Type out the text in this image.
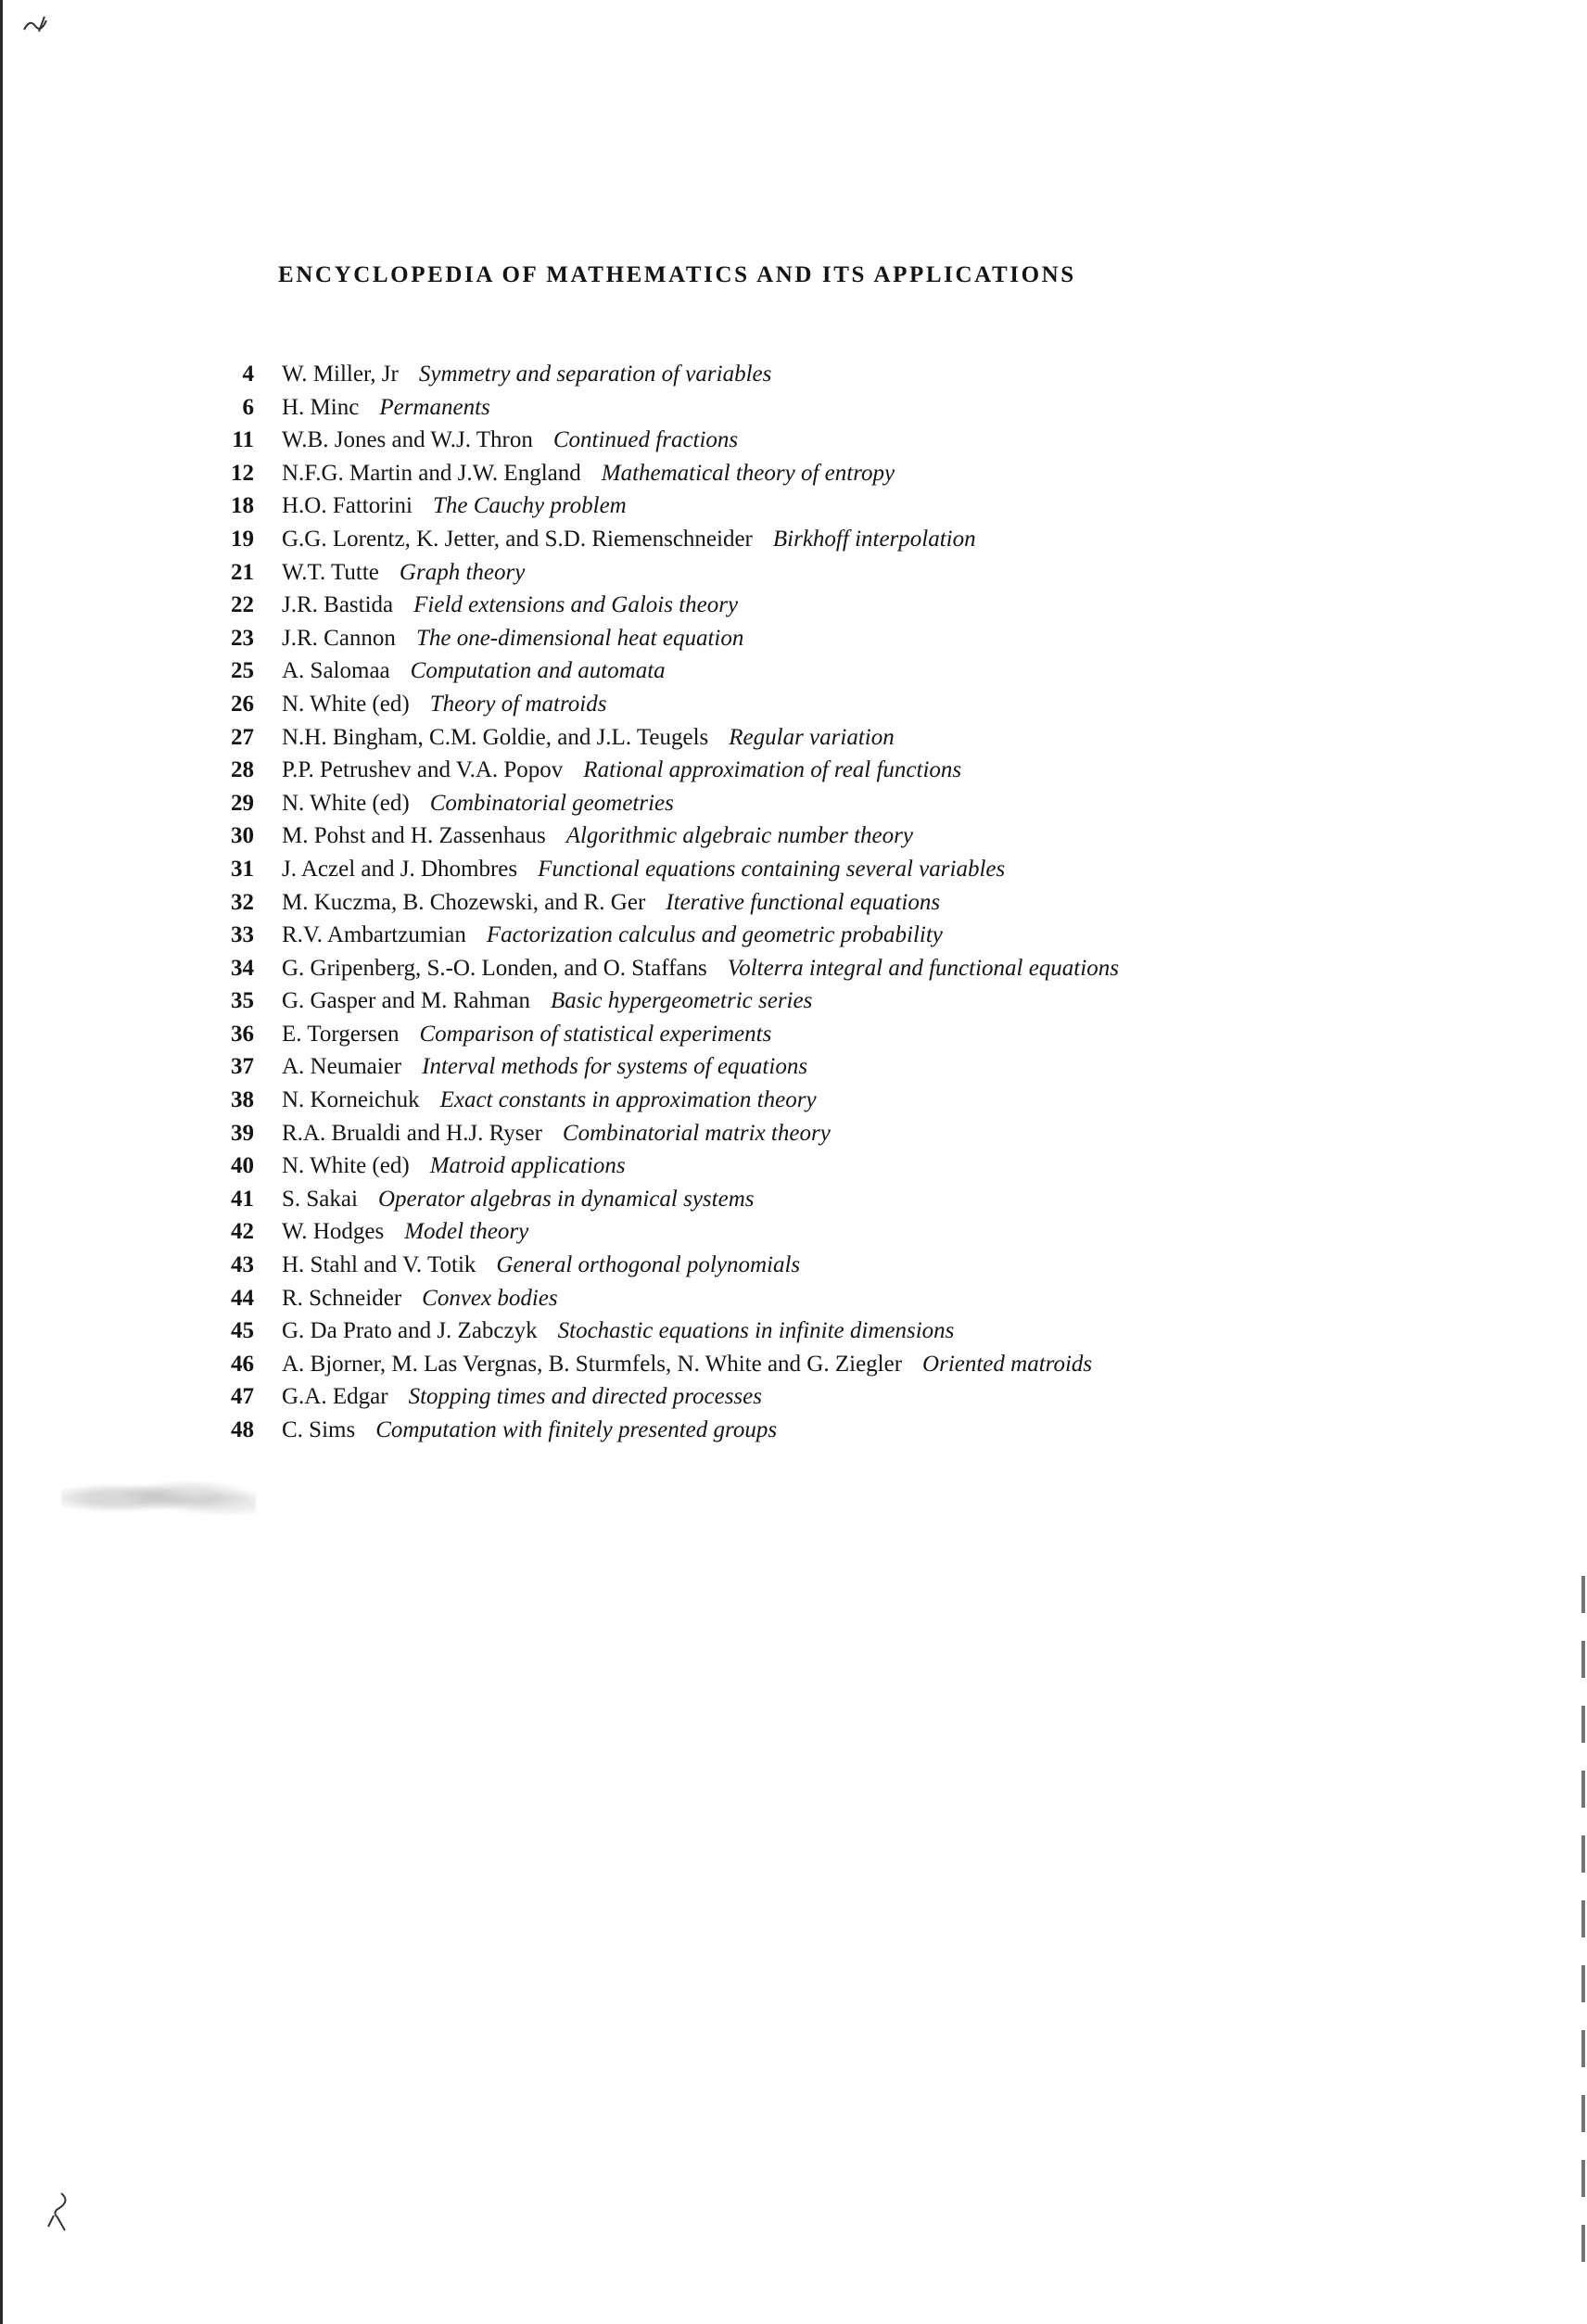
ENCYCLOPEDIA OF MATHEMATICS AND ITS APPLICATIONS
4 W. Miller, Jr Symmetry and separation of variables
6 H. Minc Permanents
11 W.B. Jones and W.J. Thron Continued fractions
12 N.F.G. Martin and J.W. England Mathematical theory of entropy
18 H.O. Fattorini The Cauchy problem
19 G.G. Lorentz, K. Jetter, and S.D. Riemenschneider Birkhoff interpolation
21 W.T. Tutte Graph theory
22 J.R. Bastida Field extensions and Galois theory
23 J.R. Cannon The one-dimensional heat equation
25 A. Salomaa Computation and automata
26 N. White (ed) Theory of matroids
27 N.H. Bingham, C.M. Goldie, and J.L. Teugels Regular variation
28 P.P. Petrushev and V.A. Popov Rational approximation of real functions
29 N. White (ed) Combinatorial geometries
30 M. Pohst and H. Zassenhaus Algorithmic algebraic number theory
31 J. Aczel and J. Dhombres Functional equations containing several variables
32 M. Kuczma, B. Chozewski, and R. Ger Iterative functional equations
33 R.V. Ambartzumian Factorization calculus and geometric probability
34 G. Gripenberg, S.-O. Londen, and O. Staffans Volterra integral and functional equations
35 G. Gasper and M. Rahman Basic hypergeometric series
36 E. Torgersen Comparison of statistical experiments
37 A. Neumaier Interval methods for systems of equations
38 N. Korneichuk Exact constants in approximation theory
39 R.A. Brualdi and H.J. Ryser Combinatorial matrix theory
40 N. White (ed) Matroid applications
41 S. Sakai Operator algebras in dynamical systems
42 W. Hodges Model theory
43 H. Stahl and V. Totik General orthogonal polynomials
44 R. Schneider Convex bodies
45 G. Da Prato and J. Zabczyk Stochastic equations in infinite dimensions
46 A. Bjorner, M. Las Vergnas, B. Sturmfels, N. White and G. Ziegler Oriented matroids
47 G.A. Edgar Stopping times and directed processes
48 C. Sims Computation with finitely presented groups
